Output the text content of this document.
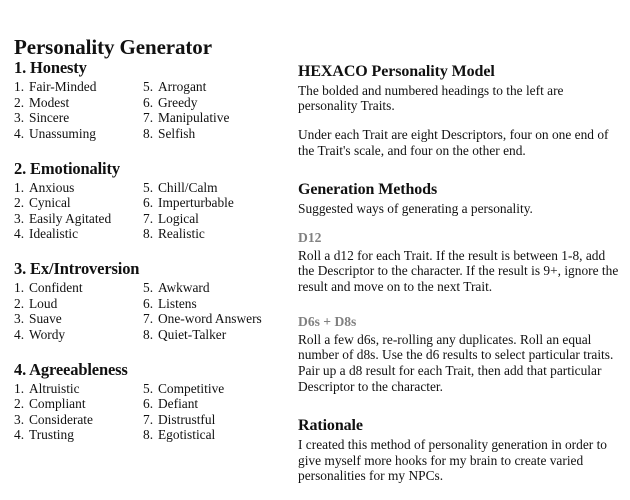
Personality Generator
1. Honesty
1. Fair-Minded	5. Arrogant
2. Modest	6. Greedy
3. Sincere	7. Manipulative
4. Unassuming	8. Selfish
2. Emotionality
1. Anxious	5. Chill/Calm
2. Cynical	6. Imperturbable
3. Easily Agitated	7. Logical
4. Idealistic	8. Realistic
3. Ex/Introversion
1. Confident	5. Awkward
2. Loud	6. Listens
3. Suave	7. One-word Answers
4. Wordy	8. Quiet-Talker
4. Agreeableness
1. Altruistic	5. Competitive
2. Compliant	6. Defiant
3. Considerate	7. Distrustful
4. Trusting	8. Egotistical
HEXACO Personality Model

The bolded and numbered headings to the left are personality Traits.

Under each Trait are eight Descriptors, four on one end of the Trait's scale, and four on the other end.

Generation Methods

Suggested ways of generating a personality.

D12

Roll a d12 for each Trait. If the result is between 1-8, add the Descriptor to the character. If the result is 9+, ignore the result and move on to the next Trait.

D6s + D8s

Roll a few d6s, re-rolling any duplicates. Roll an equal number of d8s. Use the d6 results to select particular traits. Pair up a d8 result for each Trait, then add that particular Descriptor to the character.

Rationale

I created this method of personality generation in order to give myself more hooks for my brain to create varied personalities for my NPCs.
